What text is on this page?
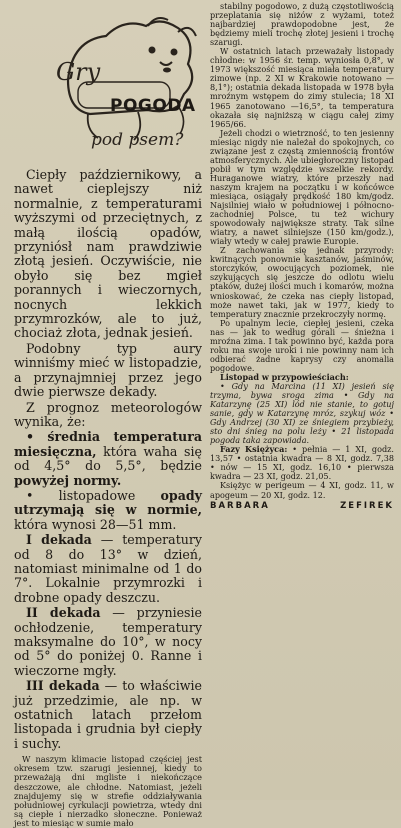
Gry
POGODA
pod psem?

Ciepły październikowy, a nawet cieplejszy niż normalnie, z temperaturami wyższymi od przeciętnych, z małą ilością opadów, przyniósł nam prawdziwie złotą jesień. Oczywiście, nie obyło się bez mgieł porannych i wieczornych, nocnych lekkich przymrozków, ale to już, chociaż złota, jednak jesień.

Podobny typ aury winniśmy mieć w listopadzie, a przynajmniej przez jego dwie pierwsze dekady.

Z prognoz meteorologów wynika, że:

• średnia temperatura miesięczna, która waha się od 4,5° do 5,5°, będzie powyżej normy.

• listopadowe opady utrzymają się w normie, która wynosi 28—51 mm.

I dekada — temperatury od 8 do 13° w dzień, natomiast minimalne od 1 do 7°. Lokalnie przymrozki i drobne opady deszczu.

II dekada — przyniesie ochłodzenie, temperatury maksymalne do 10°, w nocy od 5° do poniżej 0. Ranne i wieczorne mgły.

III dekada — to właściwie już przedzimie, ale np. w ostatnich latach przełom listopada i grudnia był ciepły i suchy.

W naszym klimacie listopad częściej jest okresem tzw. szarugi jesiennej, kiedy to przeważają dni mgliste i niekończące deszczowe, ale chłodne. Natomiast, jeżeli znajdujemy się w strefie oddziaływania południowej cyrkulacji powietrza, wtedy dni są ciepłe i nierzadko słoneczne. Ponieważ jest to miesiąc w sumie mało

stabilny pogodowo, z dużą częstotliwością przeplatania się niżów z wyżami, toteż najbardziej prawdopodobne jest, że będziemy mieli trochę złotej jesieni i trochę szarugi.

W ostatnich latach przeważały listopady chłodne: w 1956 śr. temp. wyniosła 0,8°, w 1973 większość miesiąca miała temperatury zimowe (np. 2 XI w Krakowie notowano —8,1°); ostatnia dekada listopada w 1978 była mroźnym wstępem do zimy stulecia; 18 XI 1965 zanotowano —16,5°, ta temperatura okazała się najniższą w ciągu całej zimy 1965/66.

Jeżeli chodzi o wietrzność, to ten jesienny miesiąc nigdy nie należał do spokojnych, co związane jest z częstą zmiennością frontów atmosferycznych. Ale ubiegłoroczny listopad pobił w tym względzie wszelkie rekordy. Huraganowe wiatry, które przeszły nad naszym krajem na początku i w końcówce miesiąca, osiągały prędkość 180 km/godz. Najsilniej wiało w południowej i północno-zachodniej Polsce, tu też wichury spowodowały największe straty. Tak silne wiatry, a nawet silniejsze (150 km/godz.), wiały wtedy w całej prawie Europie.

Z zachowania się jednak przyrody: kwitnących ponownie kasztanów, jaśminów, storczyków, owocujących poziomek, nie szykujących się jeszcze do odlotu wielu ptaków, dużej ilości much i komarów, można wnioskować, że czeka nas ciepły listopad, może nawet taki, jak w 1977, kiedy to temperatury znacznie przekroczyły normę.

Po upalnym lecie, ciepłej jesieni, czeka nas — jak to według górali — śnieżna i mroźna zima. I tak powinno być, każda pora roku ma swoje uroki i nie powinny nam ich odbierać żadne kaprysy czy anomalia pogodowe.

Listopad w przypowieściach:

• Gdy na Marcina (11 XI) jesień się trzyma, bywa sroga zima • Gdy na Katarzynę (25 XI) lód nie stanie, to gotuj sanie, gdy w Katarzynę mróz, szykuj wóz • Gdy Andrzej (30 XI) ze śniegiem przybieży, sto dni śnieg na polu leży • 21 listopada pogoda taka zapowiada.

Fazy Księżyca: • pełnia — 1 XI, godz. 13,57 • ostatnia kwadra — 8 XI, godz. 7,38 • nów — 15 XI, godz. 16,10 • pierwsza kwadra — 23 XI, godz. 21,05.

Księżyc w perigeum — 4 XI, godz. 11, w apogeum — 20 XI, godz. 12.

BARBARA	ZEFIREK
